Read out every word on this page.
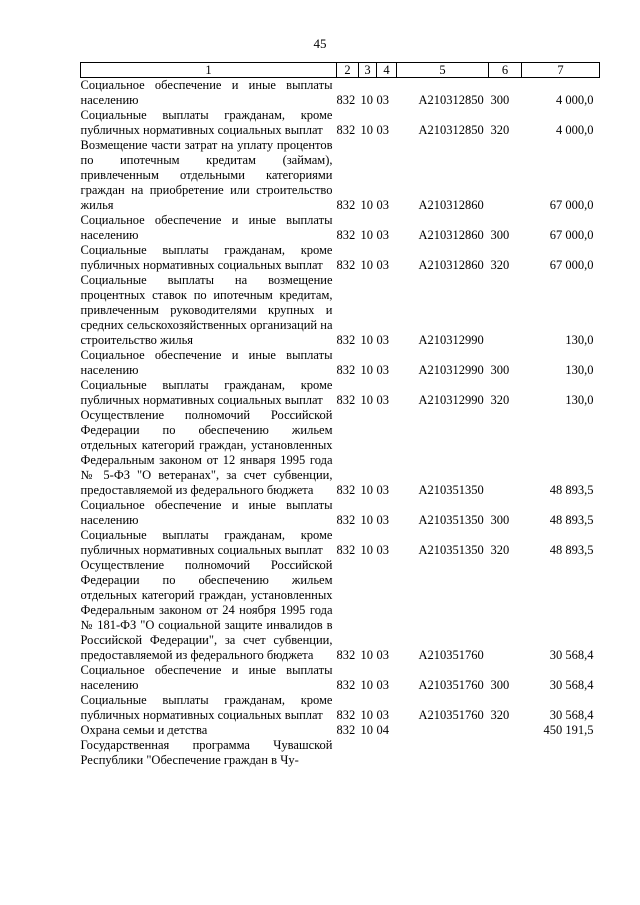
45
1	2	3	4	5	6	7
Социальное обеспечение и иные выплаты населению	832	10	03	А210312850	300	4 000,0
Социальные выплаты гражданам, кроме публичных нормативных социальных выплат	832	10	03	А210312850	320	4 000,0
Возмещение части затрат на уплату процентов по ипотечным кредитам (займам), привлеченным отдельными категориями граждан на приобретение или строительство жилья	832	10	03	А210312860		67 000,0
Социальное обеспечение и иные выплаты населению	832	10	03	А210312860	300	67 000,0
Социальные выплаты гражданам, кроме публичных нормативных социальных выплат	832	10	03	А210312860	320	67 000,0
Социальные выплаты на возмещение процентных ставок по ипотечным кредитам, привлеченным руководителями крупных и средних сельскохозяйственных организаций на строительство жилья	832	10	03	А210312990		130,0
Социальное обеспечение и иные выплаты населению	832	10	03	А210312990	300	130,0
Социальные выплаты гражданам, кроме публичных нормативных социальных выплат	832	10	03	А210312990	320	130,0
Осуществление полномочий Российской Федерации по обеспечению жильем отдельных категорий граждан, установленных Федеральным законом от 12 января 1995 года № 5-ФЗ "О ветеранах", за счет субвенции, предоставляемой из федерального бюджета	832	10	03	А210351350		48 893,5
Социальное обеспечение и иные выплаты населению	832	10	03	А210351350	300	48 893,5
Социальные выплаты гражданам, кроме публичных нормативных социальных выплат	832	10	03	А210351350	320	48 893,5
Осуществление полномочий Российской Федерации по обеспечению жильем отдельных категорий граждан, установленных Федеральным законом от 24 ноября 1995 года № 181-ФЗ "О социальной защите инвалидов в Российской Федерации", за счет субвенции, предоставляемой из федерального бюджета	832	10	03	А210351760		30 568,4
Социальное обеспечение и иные выплаты населению	832	10	03	А210351760	300	30 568,4
Социальные выплаты гражданам, кроме публичных нормативных социальных выплат	832	10	03	А210351760	320	30 568,4
Охрана семьи и детства	832	10	04			450 191,5
Государственная программа Чувашской Республики "Обеспечение граждан в Чу-						
